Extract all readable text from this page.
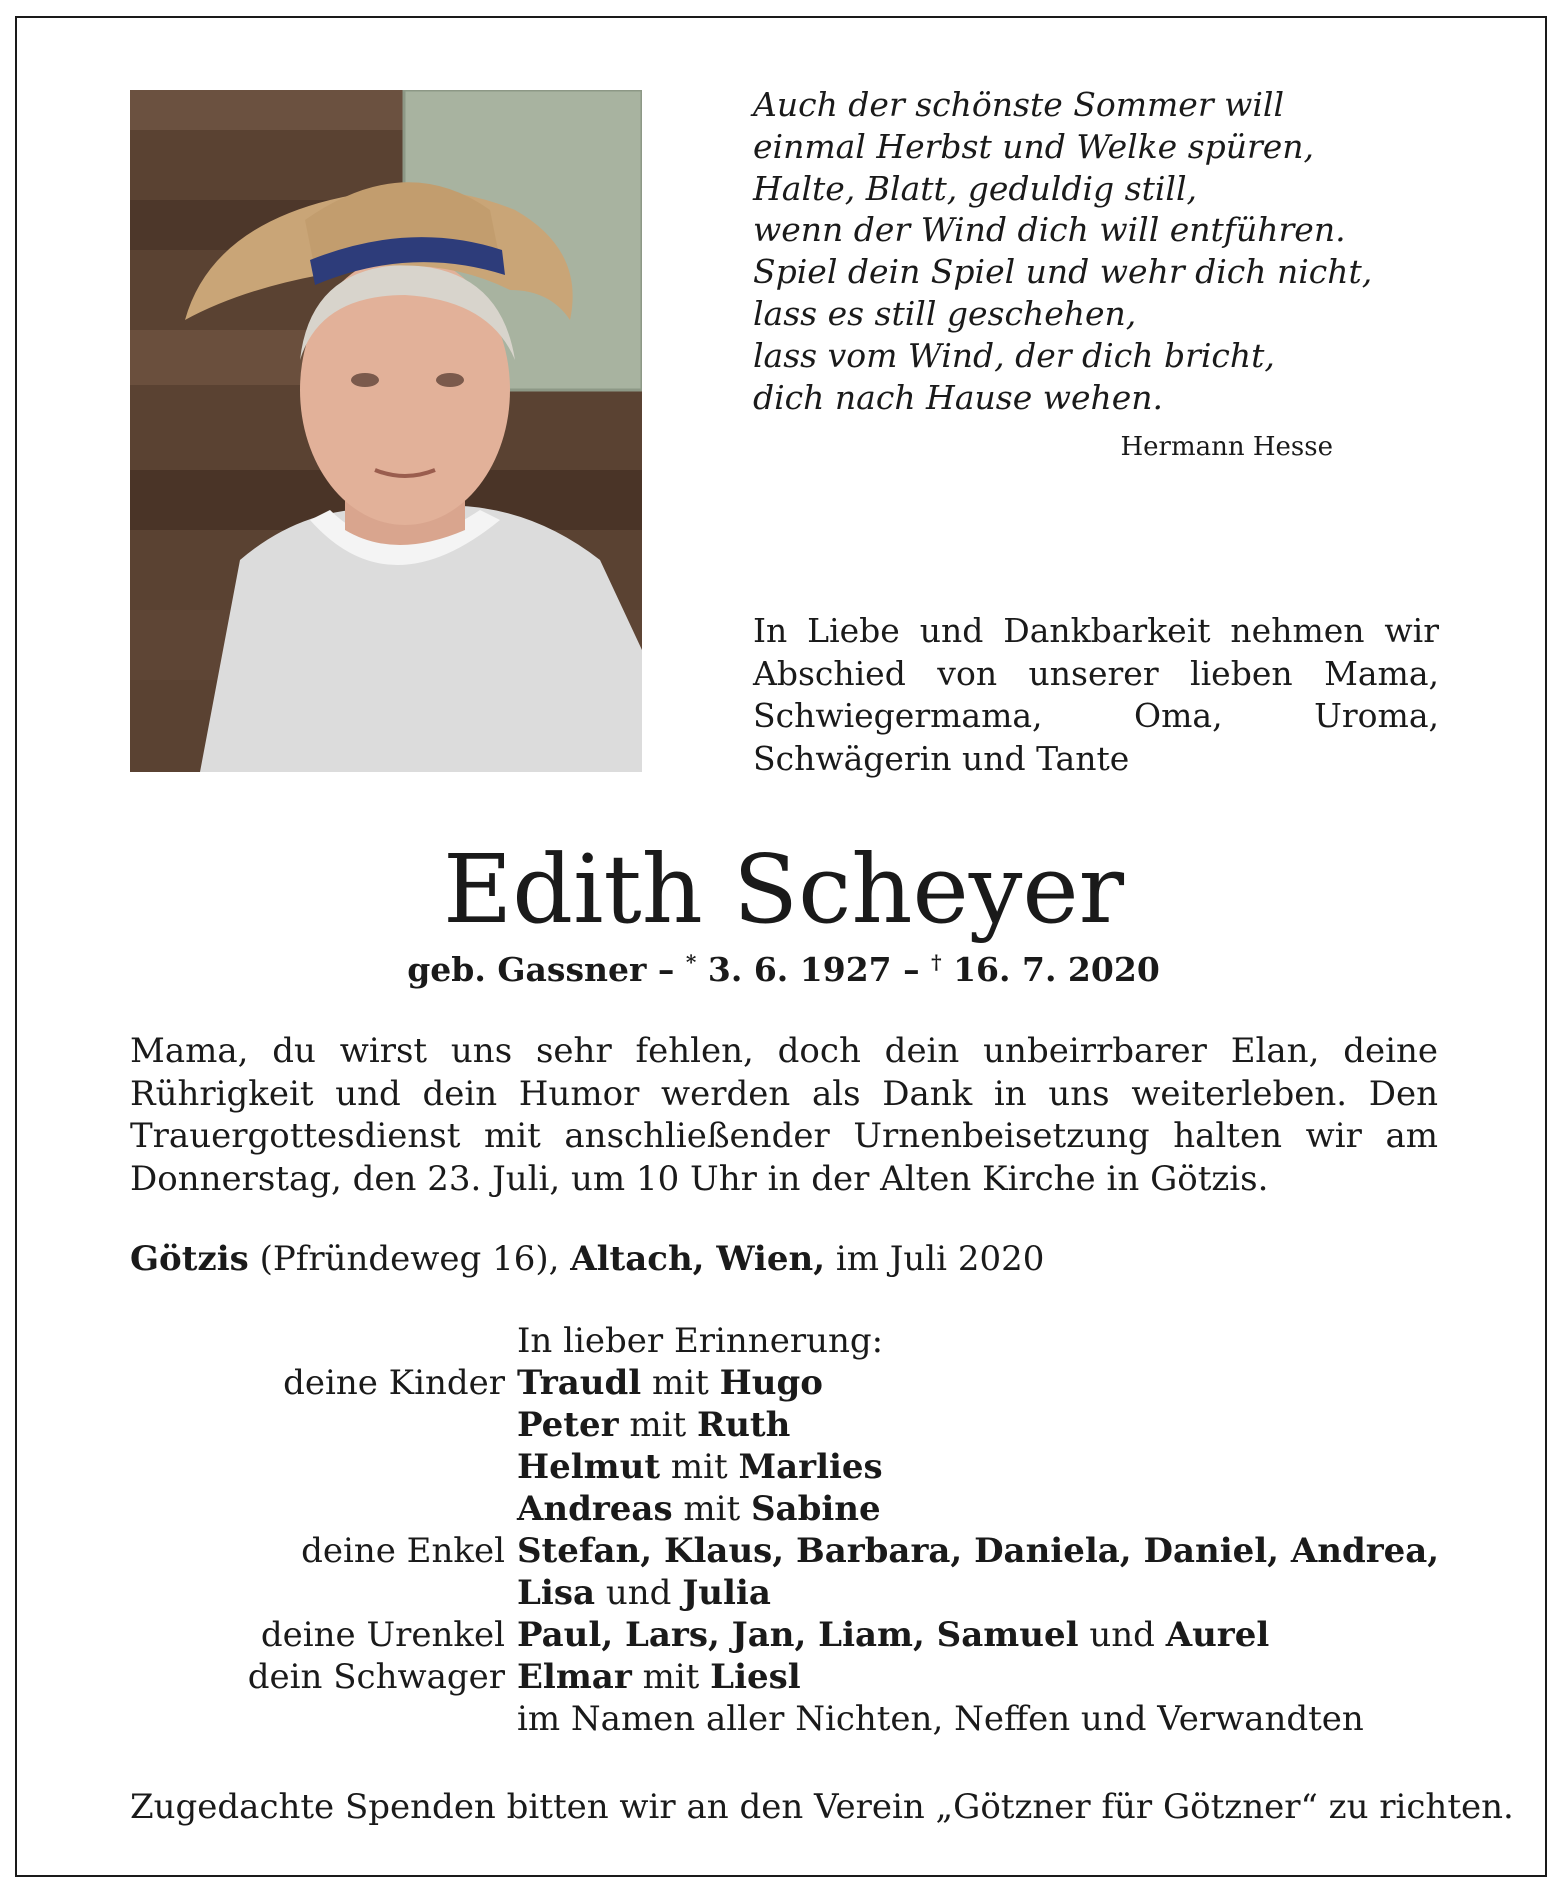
Auch der schönste Sommer will
einmal Herbst und Welke spüren,
Halte, Blatt, geduldig still,
wenn der Wind dich will entführen.
Spiel dein Spiel und wehr dich nicht,
lass es still geschehen,
lass vom Wind, der dich bricht,
dich nach Hause wehen.
Hermann Hesse
In Liebe und Dankbarkeit nehmen wir Abschied von unserer lieben Mama, Schwiegermama, Oma, Uroma, Schwägerin und Tante
Edith Scheyer
geb. Gassner – * 3. 6. 1927 – † 16. 7. 2020
Mama, du wirst uns sehr fehlen, doch dein unbeirrbarer Elan, deine Rührigkeit und dein Humor werden als Dank in uns weiterleben. Den Trauergottesdienst mit anschließender Urnenbeisetzung halten wir am Donnerstag, den 23. Juli, um 10 Uhr in der Alten Kirche in Götzis.
Götzis (Pfründeweg 16), Altach, Wien, im Juli 2020
In lieber Erinnerung:
deine Kinder Traudl mit Hugo
Peter mit Ruth
Helmut mit Marlies
Andreas mit Sabine
deine Enkel Stefan, Klaus, Barbara, Daniela, Daniel, Andrea,
Lisa und Julia
deine Urenkel Paul, Lars, Jan, Liam, Samuel und Aurel
dein Schwager Elmar mit Liesl
im Namen aller Nichten, Neffen und Verwandten
Zugedachte Spenden bitten wir an den Verein „Götzner für Götzner“ zu richten.
